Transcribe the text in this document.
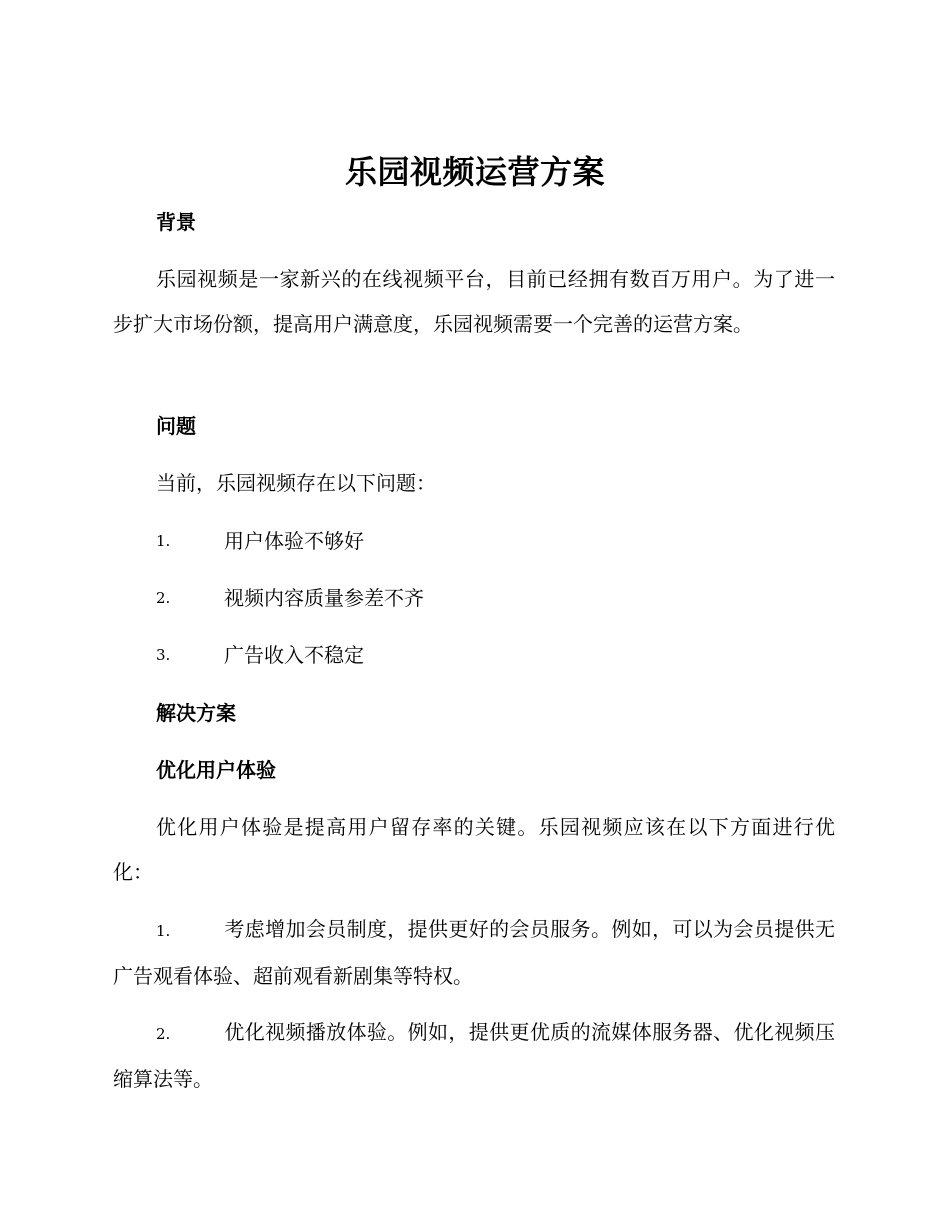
乐园视频运营方案
背景
乐园视频是一家新兴的在线视频平台，目前已经拥有数百万用户。为了进一步扩大市场份额，提高用户满意度，乐园视频需要一个完善的运营方案。
问题
当前，乐园视频存在以下问题：
1.	用户体验不够好
2.	视频内容质量参差不齐
3.	广告收入不稳定
解决方案
优化用户体验
优化用户体验是提高用户留存率的关键。乐园视频应该在以下方面进行优化：
1.	考虑增加会员制度，提供更好的会员服务。例如，可以为会员提供无广告观看体验、超前观看新剧集等特权。
2.	优化视频播放体验。例如，提供更优质的流媒体服务器、优化视频压缩算法等。
